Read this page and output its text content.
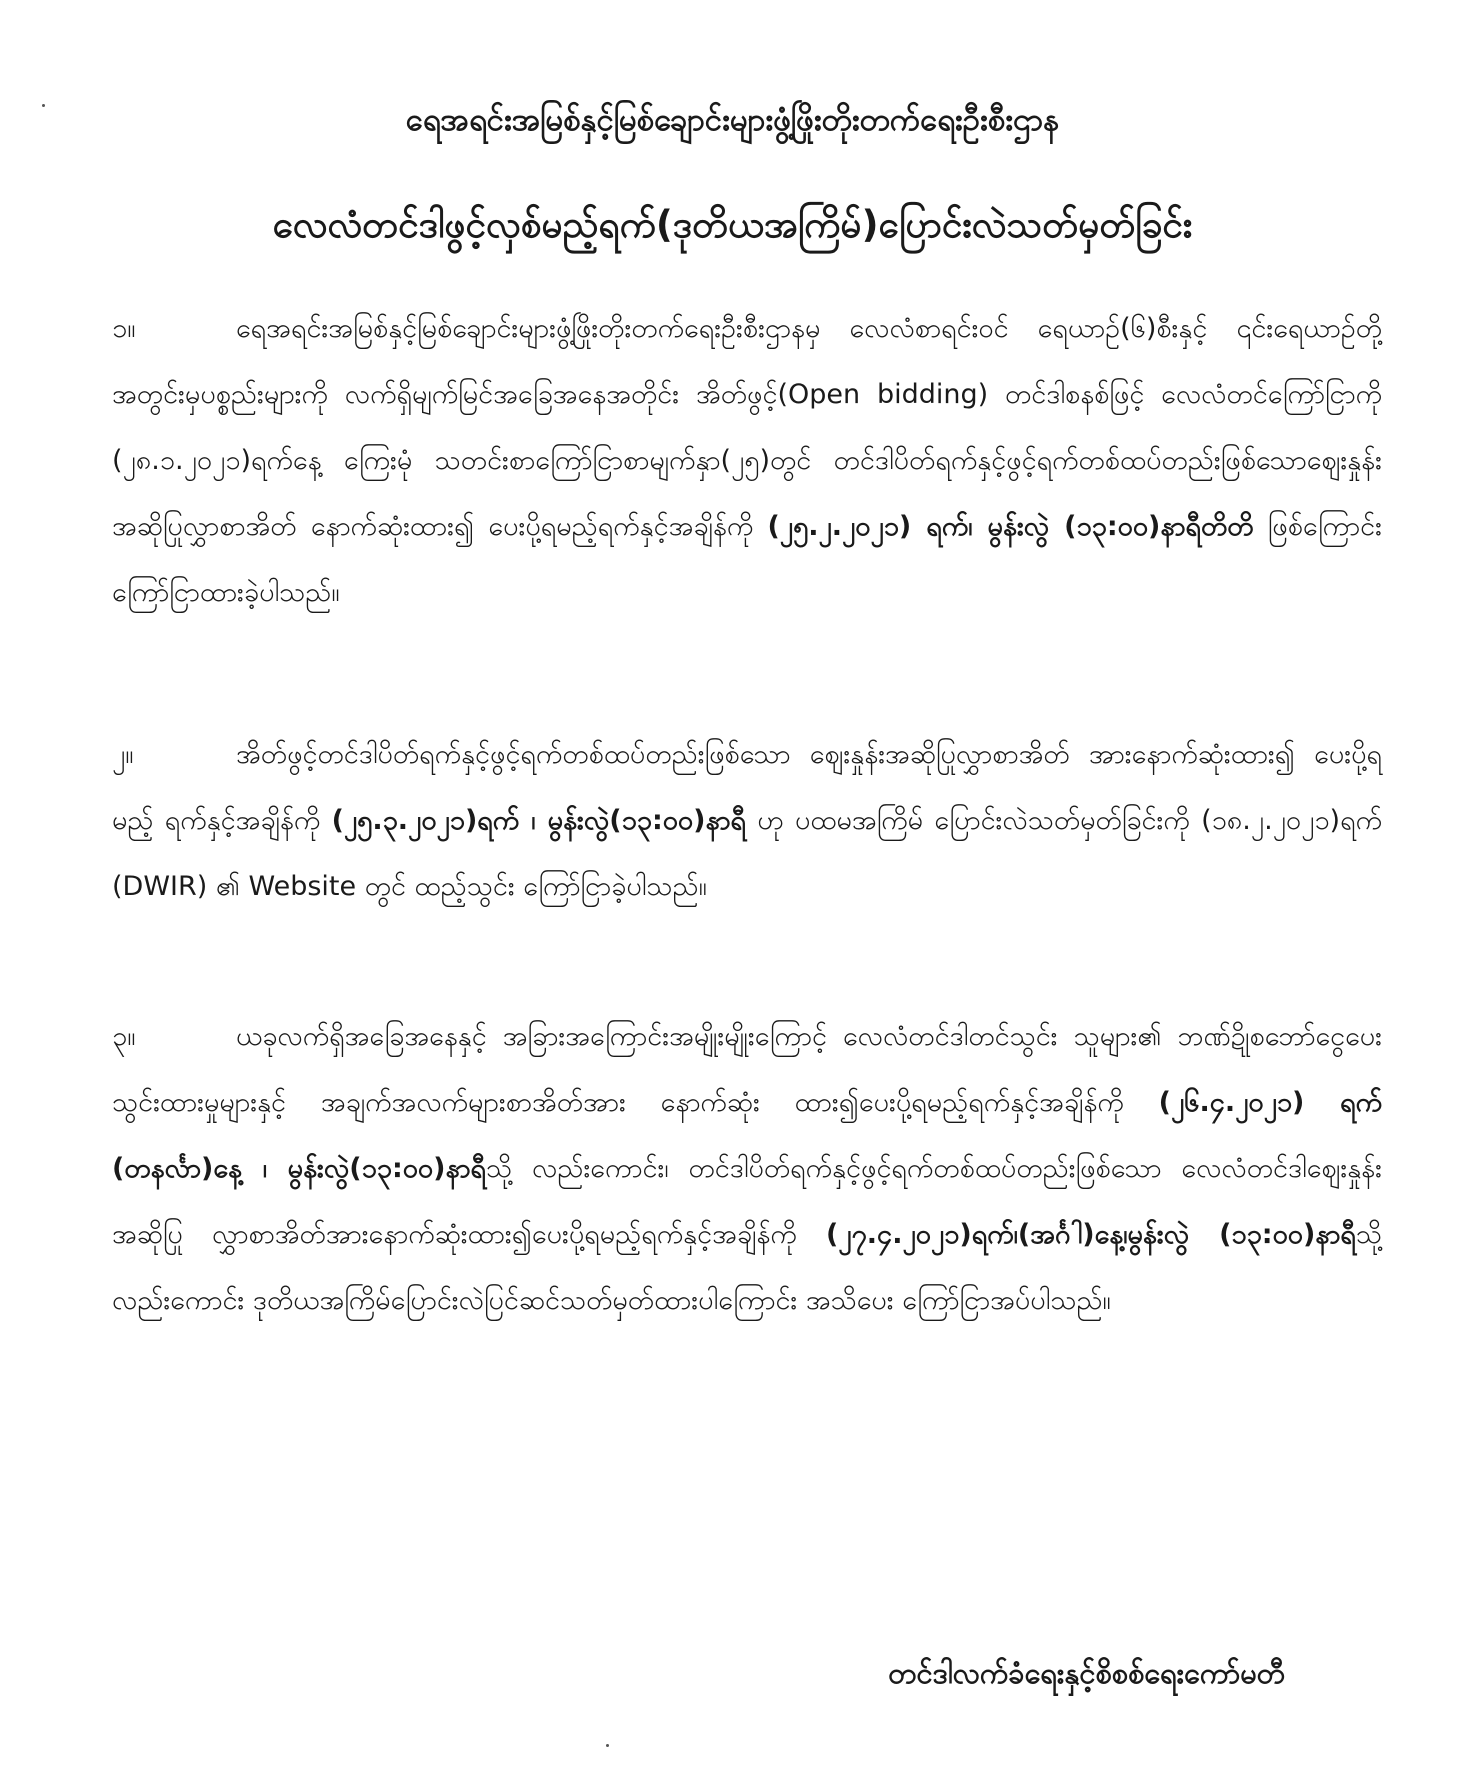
ရေအရင်းအမြစ်နှင့်မြစ်ချောင်းများဖွံ့ဖြိုးတိုးတက်ရေးဦးစီးဌာန
လေလံတင်ဒါဖွင့်လှစ်မည့်ရက်(ဒုတိယအကြိမ်)ပြောင်းလဲသတ်မှတ်ခြင်း
၁။	ရေအရင်းအမြစ်နှင့်မြစ်ချောင်းများဖွံ့ဖြိုးတိုးတက်ရေးဦးစီးဌာနမှ လေလံစာရင်းဝင် ရေယာဉ်(၆)စီးနှင့် ၎င်းရေယာဉ်တို့အတွင်းမှပစ္စည်းများကို လက်ရှိမျက်မြင်အခြေအနေအတိုင်း အိတ်ဖွင့်(Open bidding) တင်ဒါစနစ်ဖြင့် လေလံတင်ကြော်ငြာကို (၂၈.၁.၂၀၂၁)ရက်နေ့ ကြေးမုံ သတင်းစာကြော်ငြာစာမျက်နှာ(၂၅)တွင် တင်ဒါပိတ်ရက်နှင့်ဖွင့်ရက်တစ်ထပ်တည်းဖြစ်သောဈေးနှုန်း အဆိုပြုလွှာစာအိတ် နောက်ဆုံးထား၍ ပေးပို့ရမည့်ရက်နှင့်အချိန်ကို (၂၅.၂.၂၀၂၁) ရက်၊ မွန်းလွဲ (၁၃:၀၀)နာရီတိတိ ဖြစ်ကြောင်း ကြော်ငြာထားခဲ့ပါသည်။
၂။	အိတ်ဖွင့်တင်ဒါပိတ်ရက်နှင့်ဖွင့်ရက်တစ်ထပ်တည်းဖြစ်သော ဈေးနှုန်းအဆိုပြုလွှာစာအိတ် အားနောက်ဆုံးထား၍ ပေးပို့ရမည့် ရက်နှင့်အချိန်ကို (၂၅.၃.၂၀၂၁)ရက် ၊ မွန်းလွဲ(၁၃:၀၀)နာရီ ဟု ပထမအကြိမ် ပြောင်းလဲသတ်မှတ်ခြင်းကို (၁၈.၂.၂၀၂၁)ရက် (DWIR) ၏ Website တွင် ထည့်သွင်း ကြော်ငြာခဲ့ပါသည်။
၃။	ယခုလက်ရှိအခြေအနေနှင့် အခြားအကြောင်းအမျိုးမျိုးကြောင့် လေလံတင်ဒါတင်သွင်း သူများ၏ ဘဏ်ဍိုစဘော်ငွေပေးသွင်းထားမှုများနှင့် အချက်အလက်များစာအိတ်အား နောက်ဆုံး ထား၍ပေးပို့ရမည့်ရက်နှင့်အချိန်ကို (၂၆.၄.၂၀၂၁) ရက် (တနင်္လာ)နေ့ ၊ မွန်းလွဲ(၁၃:၀၀)နာရီသို့ လည်းကောင်း၊ တင်ဒါပိတ်ရက်နှင့်ဖွင့်ရက်တစ်ထပ်တည်းဖြစ်သော လေလံတင်ဒါဈေးနှုန်းအဆိုပြု လွှာစာအိတ်အားနောက်ဆုံးထား၍ပေးပို့ရမည့်ရက်နှင့်အချိန်ကို (၂၇.၄.၂၀၂၁)ရက်၊(အင်္ဂါ)နေ့၊မွန်းလွဲ (၁၃:၀၀)နာရီသို့လည်းကောင်း ဒုတိယအကြိမ်ပြောင်းလဲပြင်ဆင်သတ်မှတ်ထားပါကြောင်း အသိပေး ကြော်ငြာအပ်ပါသည်။
တင်ဒါလက်ခံရေးနှင့်စိစစ်ရေးကော်မတီ
